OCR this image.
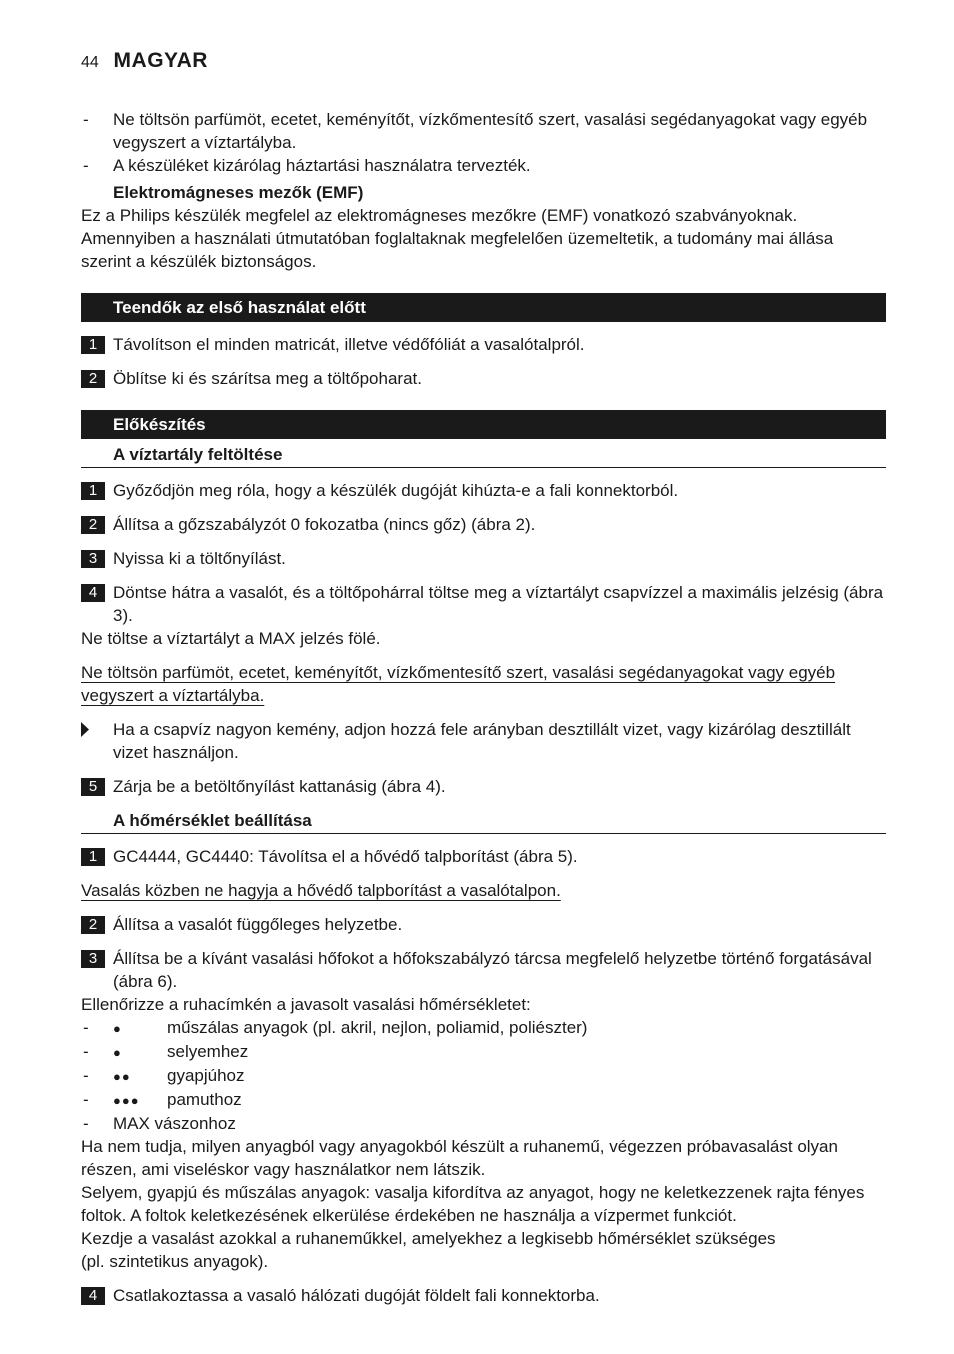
44 MAGYAR
- Ne töltsön parfümöt, ecetet, keményítőt, vízkőmentesítő szert, vasalási segédanyagokat vagy egyéb vegyszert a víztartályba.
- A készüléket kizárólag háztartási használatra tervezték.
Elektromágneses mezők (EMF)
Ez a Philips készülék megfelel az elektromágneses mezőkre (EMF) vonatkozó szabványoknak. Amennyiben a használati útmutatóban foglaltaknak megfelelően üzemeltetik, a tudomány mai állása szerint a készülék biztonságos.
Teendők az első használat előtt
1 Távolítson el minden matricát, illetve védőfóliát a vasalótalpról.
2 Öblítse ki és szárítsa meg a töltőpoharat.
Előkészítés
A víztartály feltöltése
1 Győződjön meg róla, hogy a készülék dugóját kihúzta-e a fali konnektorból.
2 Állítsa a gőzszabályzót 0 fokozatba (nincs gőz) (ábra 2).
3 Nyissa ki a töltőnyílást.
4 Döntse hátra a vasalót, és a töltőpohárral töltse meg a víztartályt csapvízzel a maximális jelzésig (ábra 3).
Ne töltse a víztartályt a MAX jelzés fölé.
Ne töltsön parfümöt, ecetet, keményítőt, vízkőmentesítő szert, vasalási segédanyagokat vagy egyéb vegyszert a víztartályba.
Ha a csapvíz nagyon kemény, adjon hozzá fele arányban desztillált vizet, vagy kizárólag desztillált vizet használjon.
5 Zárja be a betöltőnyílást kattanásig (ábra 4).
A hőmérséklet beállítása
1 GC4444, GC4440: Távolítsa el a hővédő talpborítást (ábra 5).
Vasalás közben ne hagyja a hővédő talpborítást a vasalótalpon.
2 Állítsa a vasalót függőleges helyzetbe.
3 Állítsa be a kívánt vasalási hőfokot a hőfokszabályzó tárcsa megfelelő helyzetbe történő forgatásával (ábra 6).
Ellenőrizze a ruhacímkén a javasolt vasalási hőmérsékletet:
- ●	műszálas anyagok (pl. akril, nejlon, poliamid, poliészter)
- ●	selyemhez
- ●● gyapjúhoz
- ●●● pamuthoz
- MAX vászonhoz
Ha nem tudja, milyen anyagból vagy anyagokból készült a ruhanemű, végezzen próbavasalást olyan részen, ami viseléskor vagy használatkor nem látszik.
Selyem, gyapjú és műszálas anyagok: vasalja kifordítva az anyagot, hogy ne keletkezzenek rajta fényes foltok. A foltok keletkezésének elkerülése érdekében ne használja a vízpermet funkciót.
Kezdje a vasalást azokkal a ruhaneműkkel, amelyekhez a legkisebb hőmérséklet szükséges
(pl. szintetikus anyagok).
4 Csatlakoztassa a vasaló hálózati dugóját földelt fali konnektorba.
